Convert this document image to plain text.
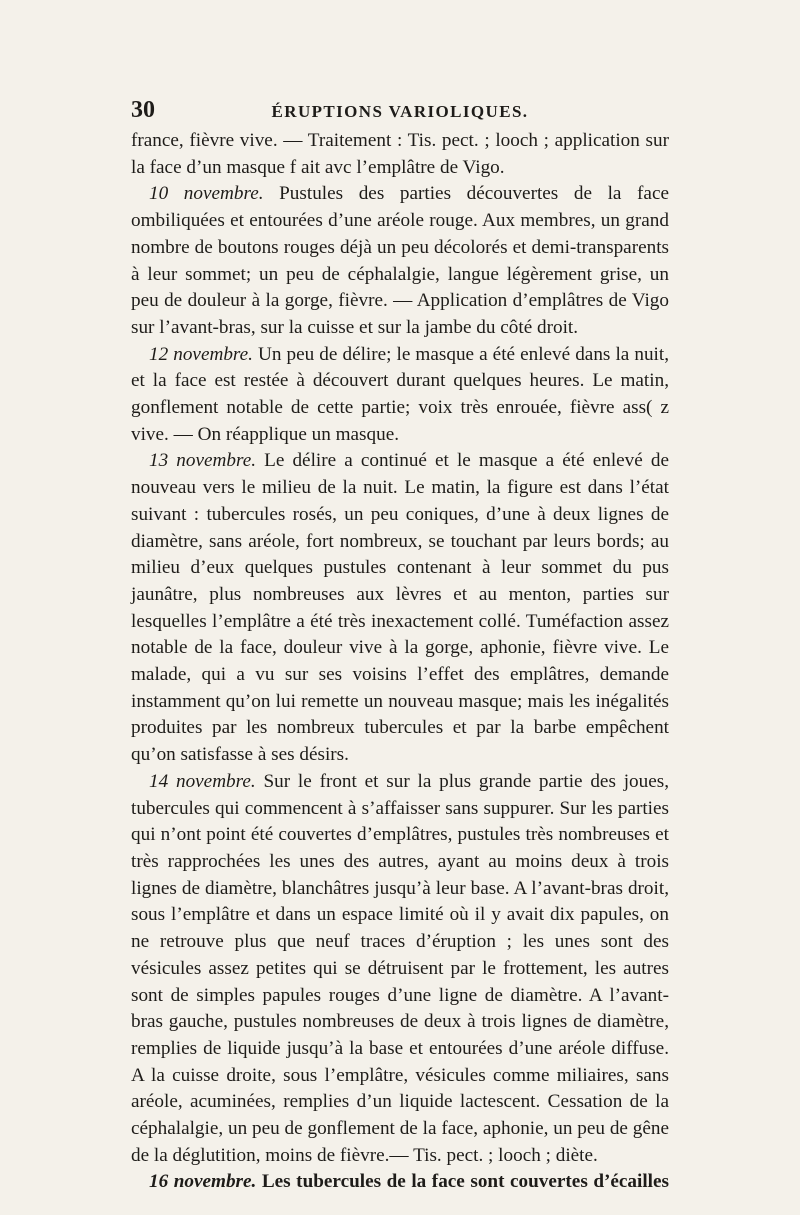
30	ÉRUPTIONS VARIOLIQUES.

france, fièvre vive. — Traitement : Tis. pect. ; looch ; application sur la face d’un masque f ait avc l’emplâtre de Vigo.

10 novembre. Pustules des parties découvertes de la face ombiliquées et entourées d’une aréole rouge. Aux membres, un grand nombre de boutons rouges déjà un peu décolorés et demi-transparents à leur sommet; un peu de céphalalgie, langue légèrement grise, un peu de douleur à la gorge, fièvre. — Application d’emplâtres de Vigo sur l’avant-bras, sur la cuisse et sur la jambe du côté droit.

12 novembre. Un peu de délire; le masque a été enlevé dans la nuit, et la face est restée à découvert durant quelques heures. Le matin, gonflement notable de cette partie; voix très enrouée, fièvre ass( z vive. — On réapplique un masque.

13 novembre. Le délire a continué et le masque a été enlevé de nouveau vers le milieu de la nuit. Le matin, la figure est dans l’état suivant : tubercules rosés, un peu coniques, d’une à deux lignes de diamètre, sans aréole, fort nombreux, se touchant par leurs bords; au milieu d’eux quelques pustules contenant à leur sommet du pus jaunâtre, plus nombreuses aux lèvres et au menton, parties sur lesquelles l’emplâtre a été très inexactement collé. Tuméfaction assez notable de la face, douleur vive à la gorge, aphonie, fièvre vive. Le malade, qui a vu sur ses voisins l’effet des emplâtres, demande instamment qu’on lui remette un nouveau masque; mais les inégalités produites par les nombreux tubercules et par la barbe empêchent qu’on satisfasse à ses désirs.

14 novembre. Sur le front et sur la plus grande partie des joues, tubercules qui commencent à s’affaisser sans suppurer. Sur les parties qui n’ont point été couvertes d’emplâtres, pustules très nombreuses et très rapprochées les unes des autres, ayant au moins deux à trois lignes de diamètre, blanchâtres jusqu’à leur base. A l’avant-bras droit, sous l’emplâtre et dans un espace limité où il y avait dix papules, on ne retrouve plus que neuf traces d’éruption ; les unes sont des vésicules assez petites qui se détruisent par le frottement, les autres sont de simples papules rouges d’une ligne de diamètre. A l’avant-bras gauche, pustules nombreuses de deux à trois lignes de diamètre, remplies de liquide jusqu’à la base et entourées d’une aréole diffuse. A la cuisse droite, sous l’emplâtre, vésicules comme miliaires, sans aréole, acuminées, remplies d’un liquide lactescent. Cessation de la céphalalgie, un peu de gonflement de la face, aphonie, un peu de gêne de la déglutition, moins de fièvre.— Tis. pect. ; looch ; diète.

16 novembre. Les tubercules de la face sont couvertes d’écailles
